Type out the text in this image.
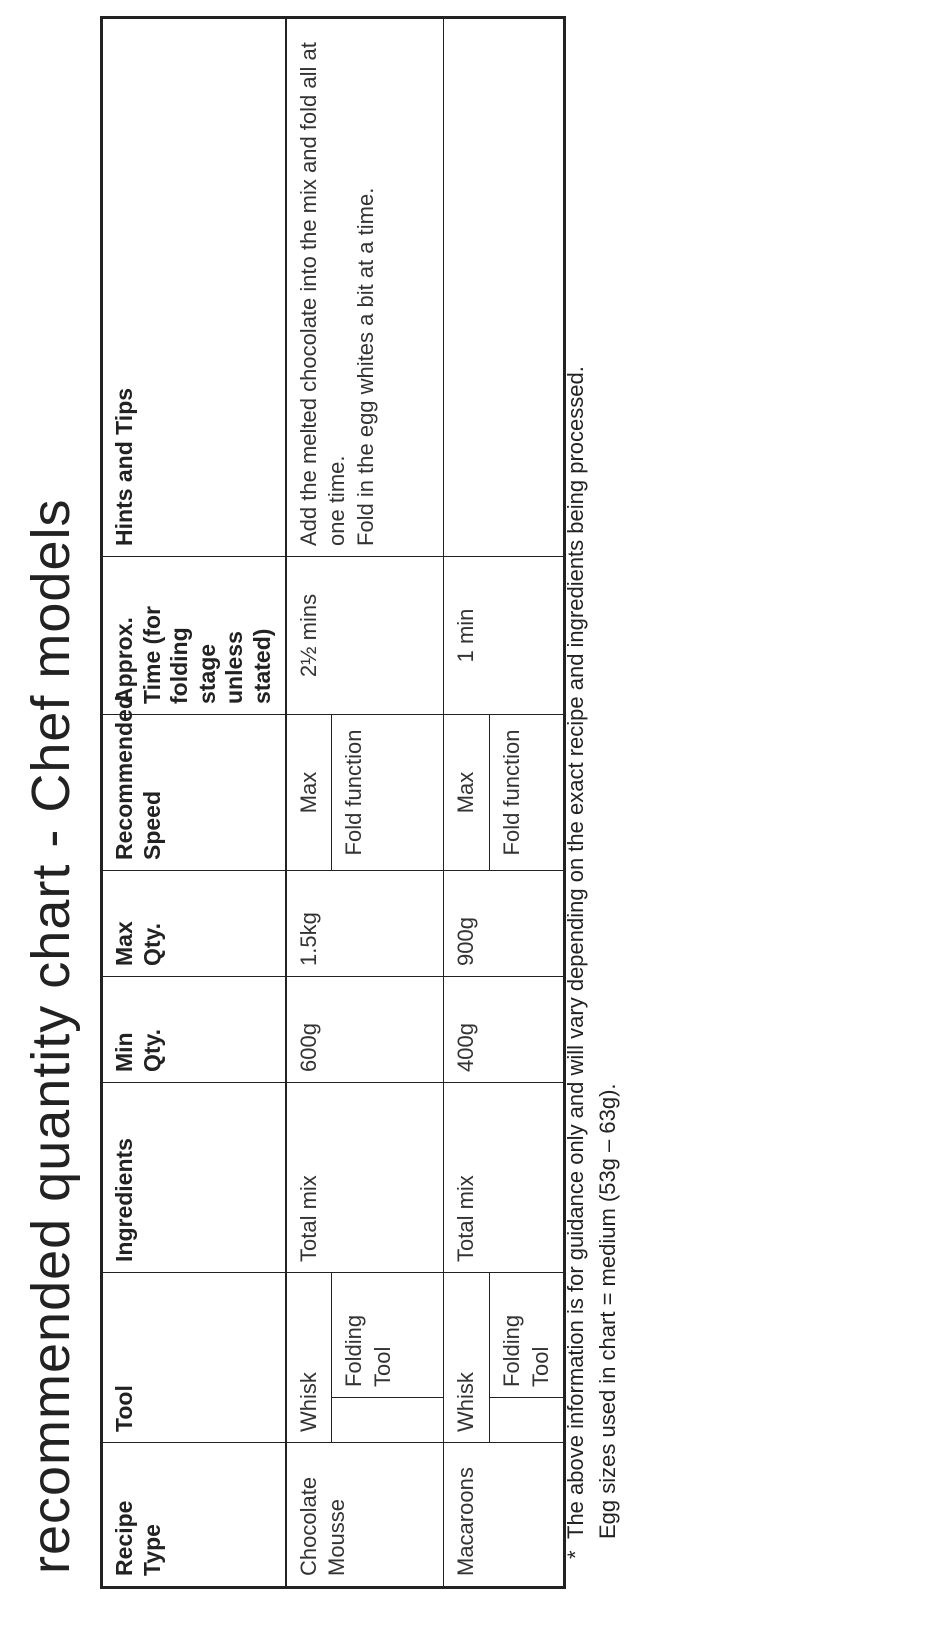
recommended quantity chart - Chef models Recipe Type	Tool		Ingredients	Min Qty.	Max Qty.	Recommended Speed	Approx. Time (for folding stage unless stated)	Hints and Tips
Chocolate Mousse	Whisk		Total mix	600g	1.5kg	Max	2½ mins	Add the melted chocolate into the mix and fold all at one time. Fold in the egg whites a bit at a time.

		Folding Tool				Fold function		
Macaroons	Whisk		Total mix	400g	900g	Max	1 min	

		Folding Tool				Fold function		
*
The above information is for guidance only and will vary depending on the exact recipe and ingredients being processed. Egg sizes used in chart = medium (53g – 63g).
